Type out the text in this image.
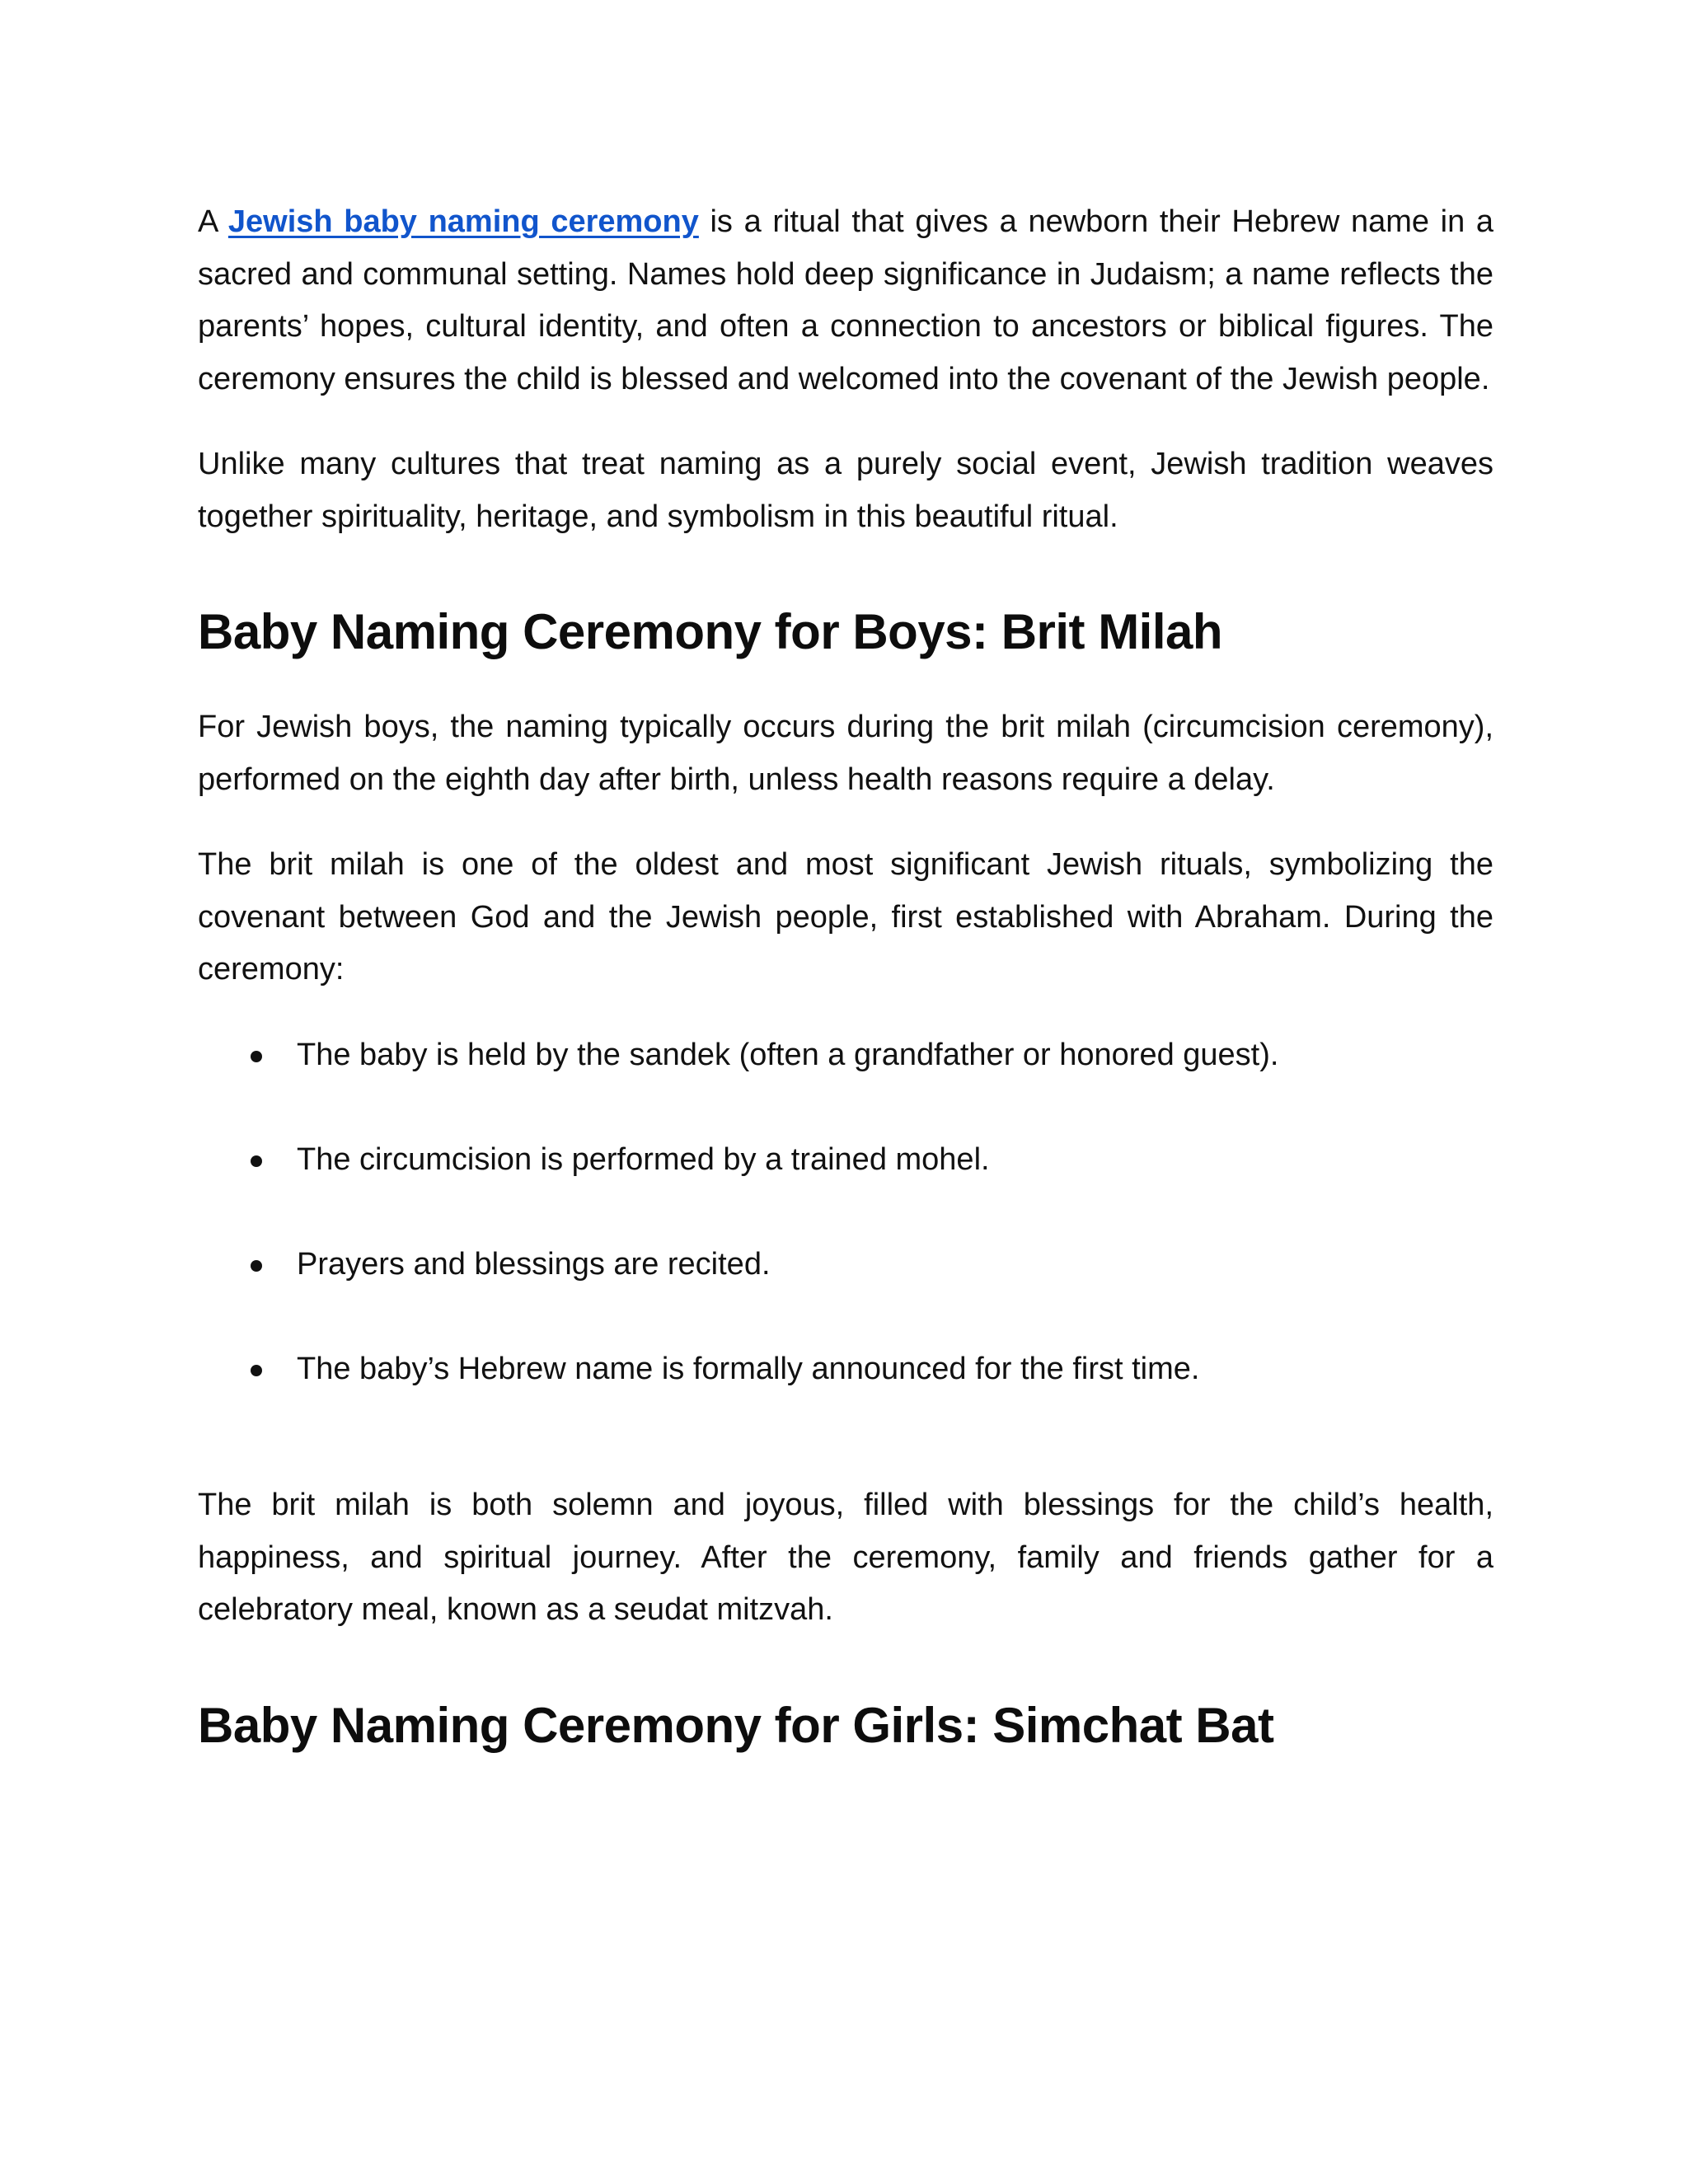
A Jewish baby naming ceremony is a ritual that gives a newborn their Hebrew name in a sacred and communal setting. Names hold deep significance in Judaism; a name reflects the parents’ hopes, cultural identity, and often a connection to ancestors or biblical figures. The ceremony ensures the child is blessed and welcomed into the covenant of the Jewish people.

Unlike many cultures that treat naming as a purely social event, Jewish tradition weaves together spirituality, heritage, and symbolism in this beautiful ritual.

Baby Naming Ceremony for Boys: Brit Milah

For Jewish boys, the naming typically occurs during the brit milah (circumcision ceremony), performed on the eighth day after birth, unless health reasons require a delay.

The brit milah is one of the oldest and most significant Jewish rituals, symbolizing the covenant between God and the Jewish people, first established with Abraham. During the ceremony:

The baby is held by the sandek (often a grandfather or honored guest).
The circumcision is performed by a trained mohel.
Prayers and blessings are recited.
The baby’s Hebrew name is formally announced for the first time.

The brit milah is both solemn and joyous, filled with blessings for the child’s health, happiness, and spiritual journey. After the ceremony, family and friends gather for a celebratory meal, known as a seudat mitzvah.

Baby Naming Ceremony for Girls: Simchat Bat
